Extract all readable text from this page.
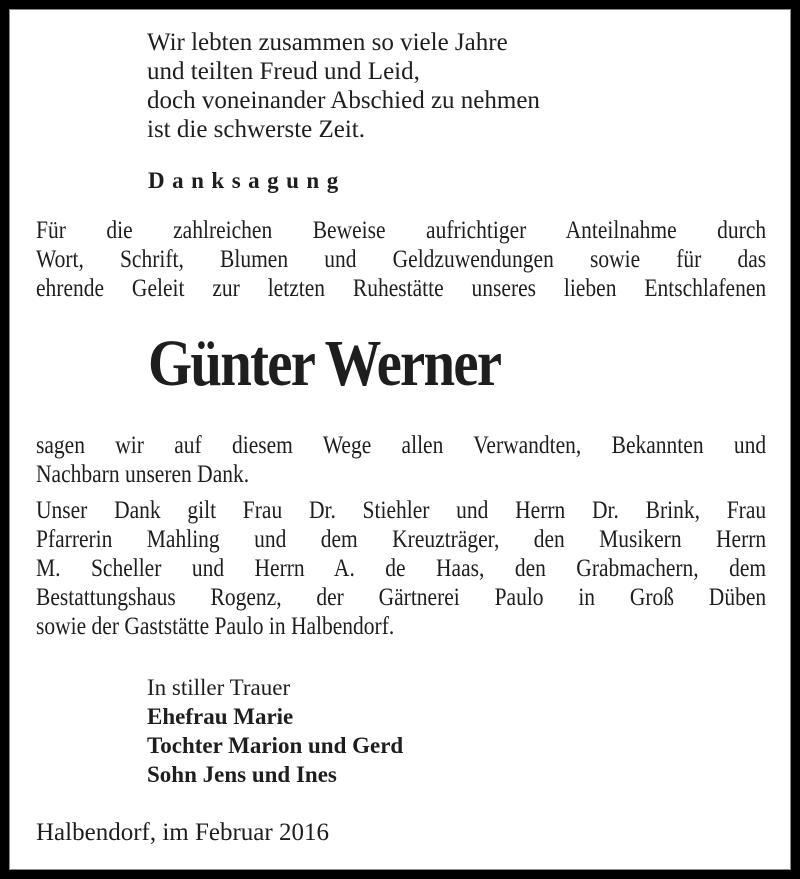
Wir lebten zusammen so viele Jahre
und teilten Freud und Leid,
doch voneinander Abschied zu nehmen
ist die schwerste Zeit.
Danksagung
Für die zahlreichen Beweise aufrichtiger Anteilnahme durch
Wort, Schrift, Blumen und Geldzuwendungen sowie für das
ehrende Geleit zur letzten Ruhestätte unseres lieben Entschlafenen
Günter Werner
sagen wir auf diesem Wege allen Verwandten, Bekannten und
Nachbarn unseren Dank.
Unser Dank gilt Frau Dr. Stiehler und Herrn Dr. Brink, Frau
Pfarrerin Mahling und dem Kreuzträger, den Musikern Herrn
M. Scheller und Herrn A. de Haas, den Grabmachern, dem
Bestattungshaus Rogenz, der Gärtnerei Paulo in Groß Düben
sowie der Gaststätte Paulo in Halbendorf.
In stiller Trauer
Ehefrau Marie
Tochter Marion und Gerd
Sohn Jens und Ines
Halbendorf, im Februar 2016
